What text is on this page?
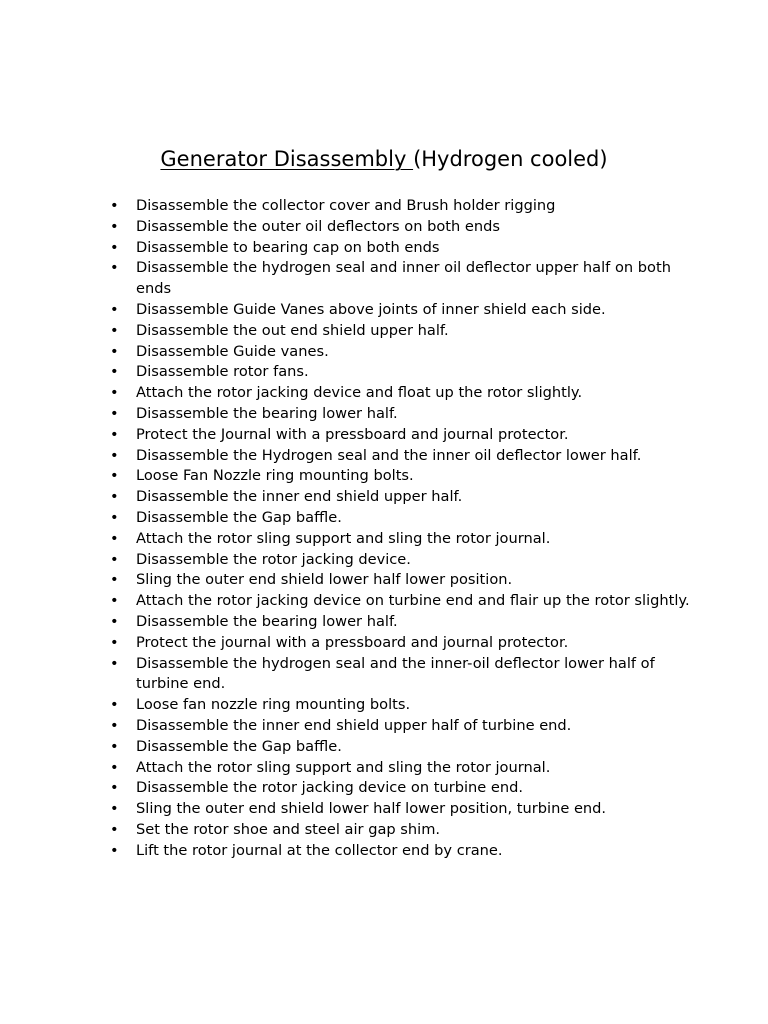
Generator Disassembly (Hydrogen cooled)
• Disassemble the collector cover and Brush holder rigging
• Disassemble the outer oil deflectors on both ends
• Disassemble to bearing cap on both ends
• Disassemble the hydrogen seal and inner oil deflector upper half on both ends
• Disassemble Guide Vanes above joints of inner shield each side.
• Disassemble the out end shield upper half.
• Disassemble Guide vanes.
• Disassemble rotor fans.
• Attach the rotor jacking device and float up the rotor slightly.
• Disassemble the bearing lower half.
• Protect the Journal with a pressboard and journal protector.
• Disassemble the Hydrogen seal and the inner oil deflector lower half.
• Loose Fan Nozzle ring mounting bolts.
• Disassemble the inner end shield upper half.
• Disassemble the Gap baffle.
• Attach the rotor sling support and sling the rotor journal.
• Disassemble the rotor jacking device.
• Sling the outer end shield lower half lower position.
• Attach the rotor jacking device on turbine end and flair up the rotor slightly.
• Disassemble the bearing lower half.
• Protect the journal with a pressboard and journal protector.
• Disassemble the hydrogen seal and the inner-oil deflector lower half of turbine end.
• Loose fan nozzle ring mounting bolts.
• Disassemble the inner end shield upper half of turbine end.
• Disassemble the Gap baffle.
• Attach the rotor sling support and sling the rotor journal.
• Disassemble the rotor jacking device on turbine end.
• Sling the outer end shield lower half lower position, turbine end.
• Set the rotor shoe and steel air gap shim.
• Lift the rotor journal at the collector end by crane.
